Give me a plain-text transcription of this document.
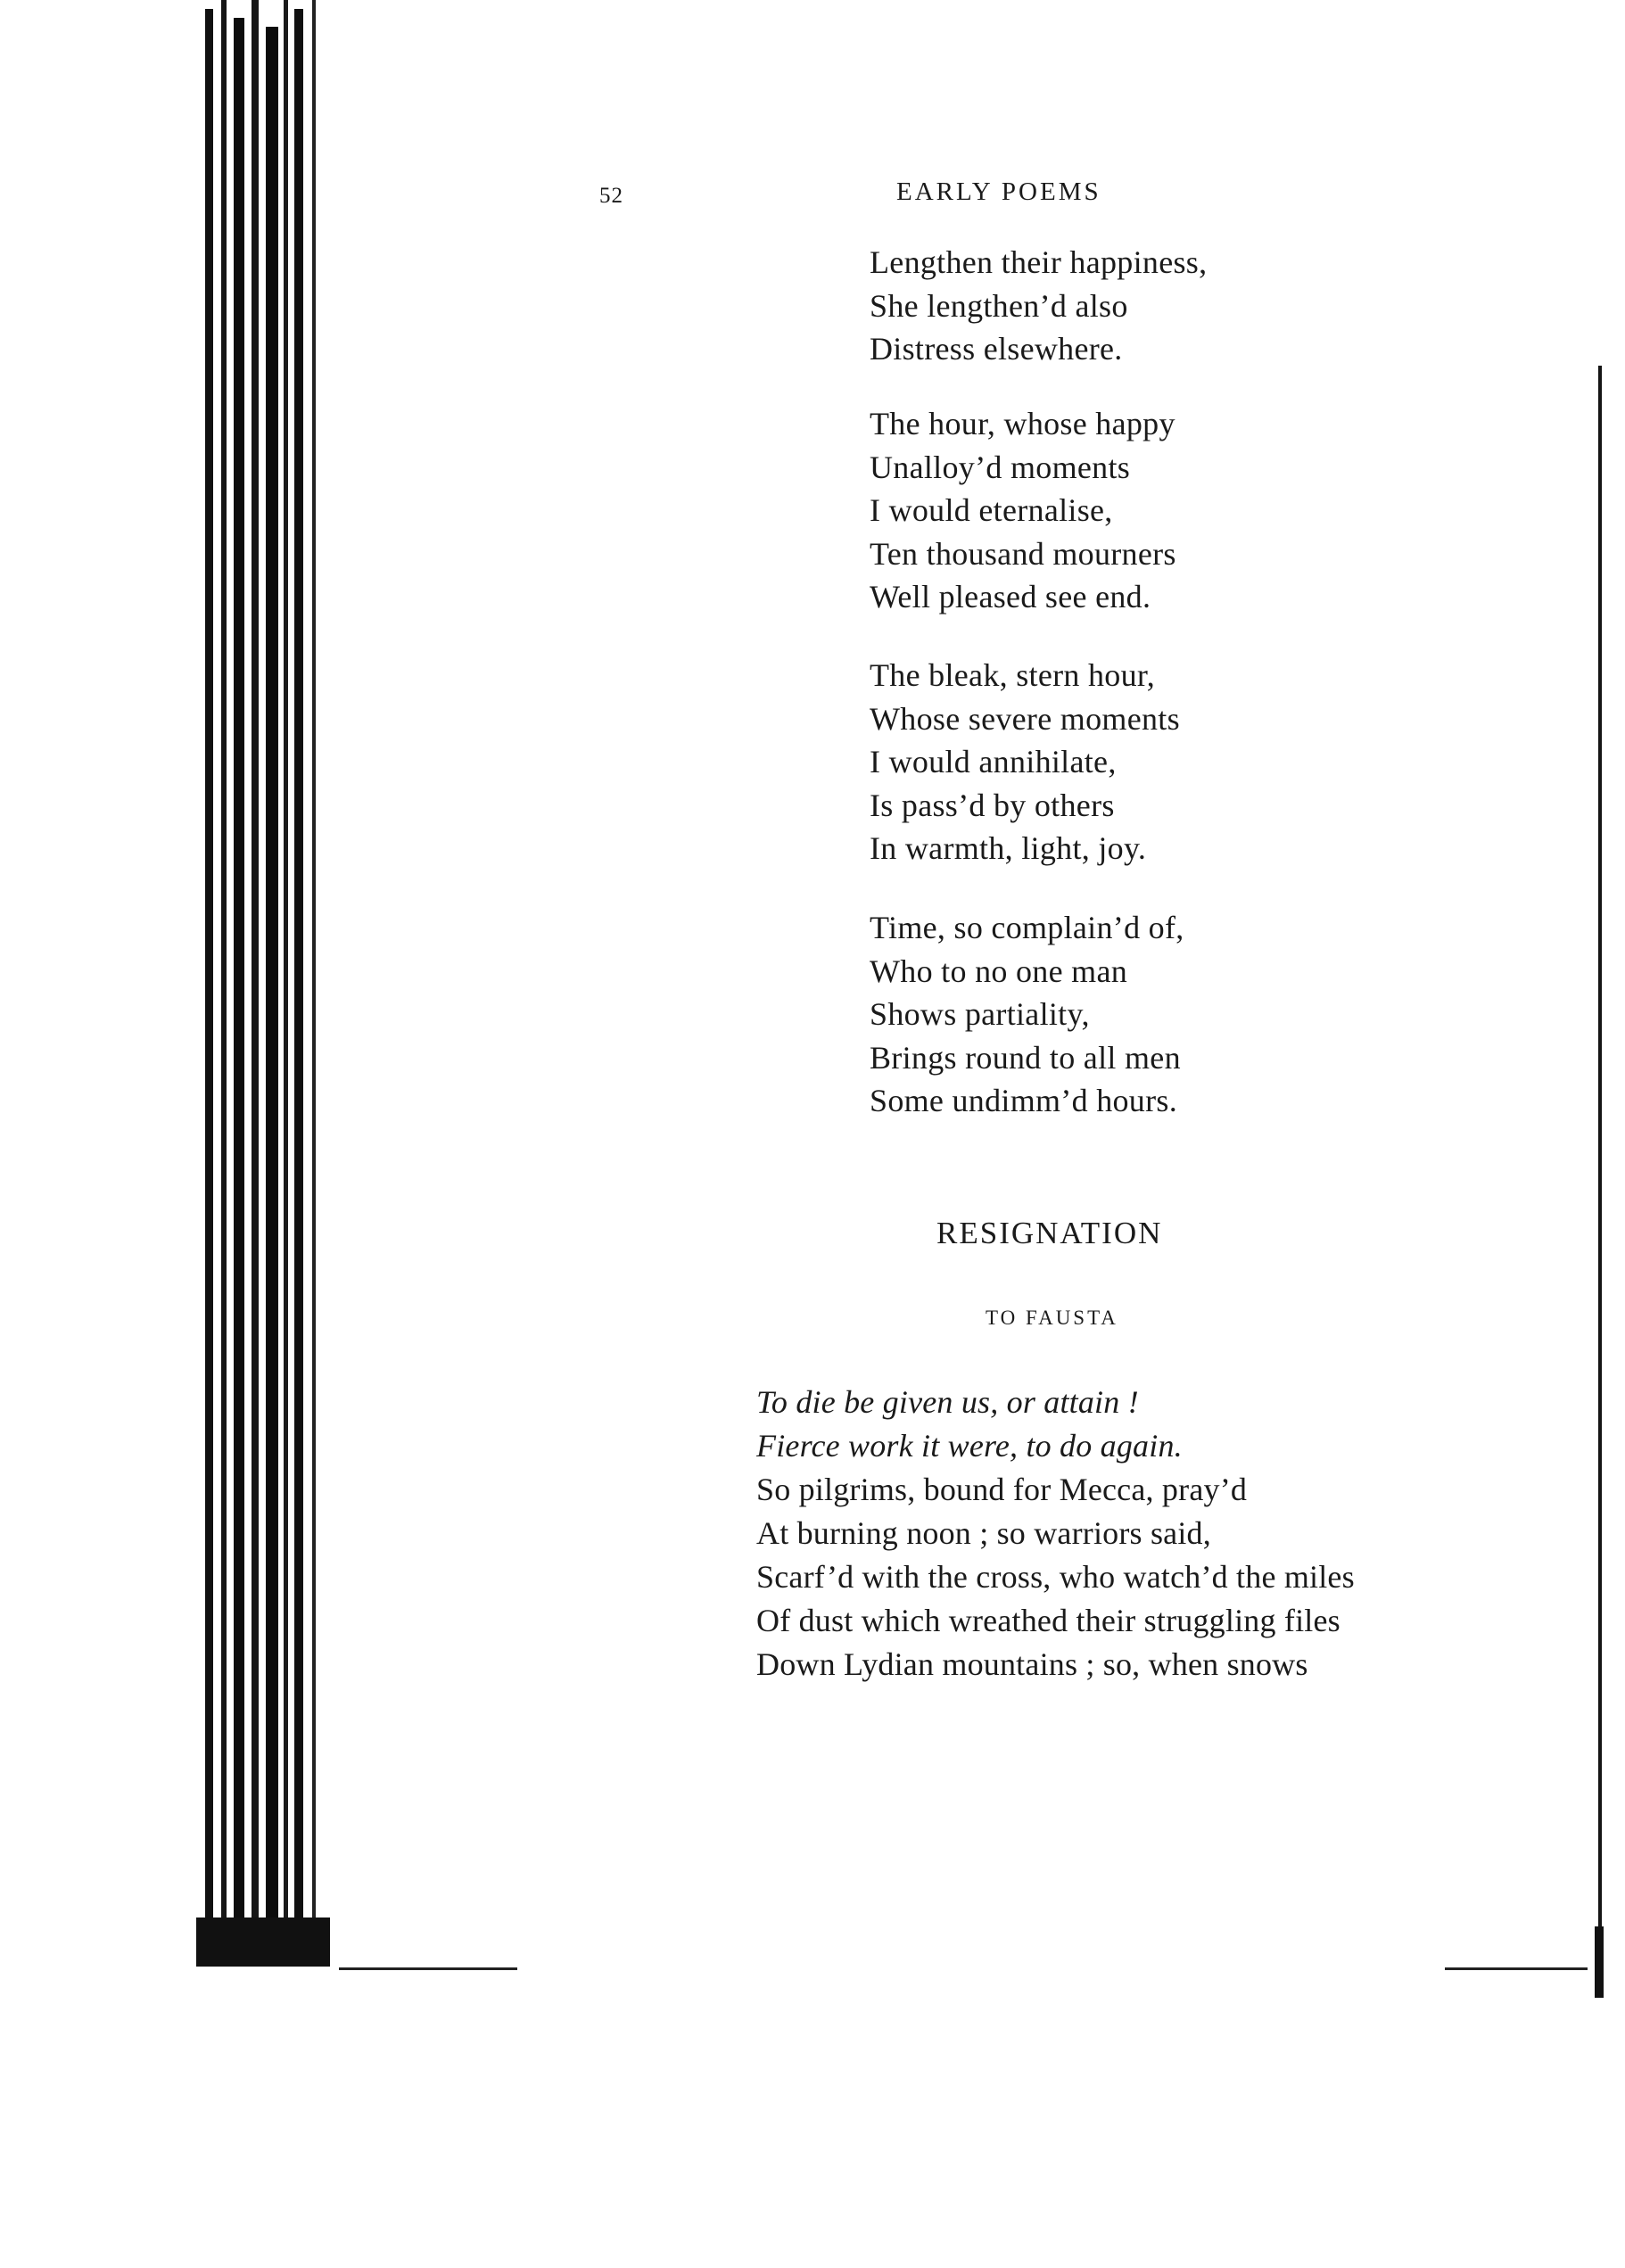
52	EARLY POEMS
Lengthen their happiness,
She lengthen’d also
Distress elsewhere.
The hour, whose happy
Unalloy’d moments
I would eternalise,
Ten thousand mourners
Well pleased see end.
The bleak, stern hour,
Whose severe moments
I would annihilate,
Is pass’d by others
In warmth, light, joy.
Time, so complain’d of,
Who to no one man
Shows partiality,
Brings round to all men
Some undimm’d hours.
RESIGNATION
TO FAUSTA
To die be given us, or attain !
Fierce work it were, to do again.
So pilgrims, bound for Mecca, pray’d
At burning noon ; so warriors said,
Scarf’d with the cross, who watch’d the miles
Of dust which wreathed their struggling files
Down Lydian mountains ; so, when snows
